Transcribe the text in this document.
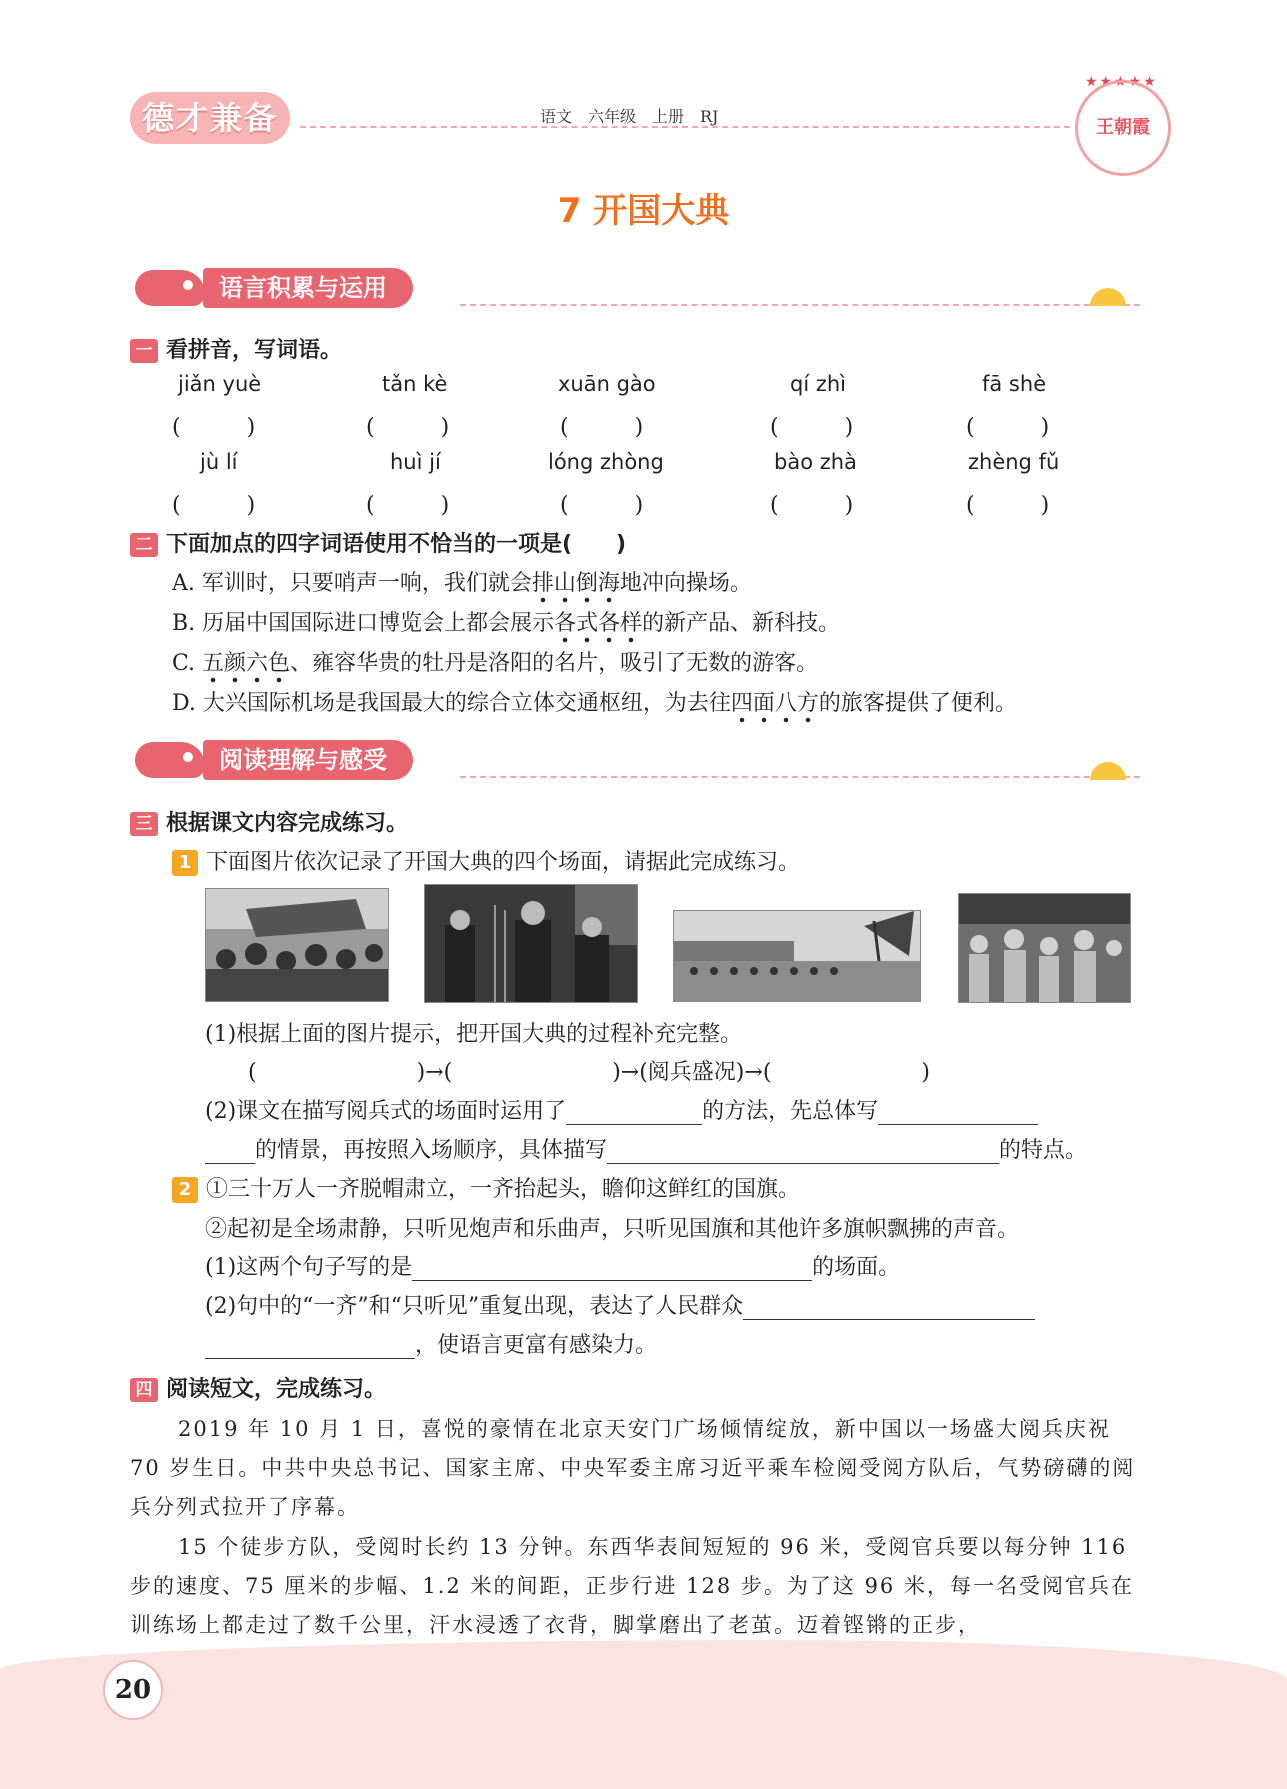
德才兼备	语文　六年级　上册　RJ
★★★★★
王朝霞
7 开国大典
语言积累与运用
一 看拼音，写词语。
jiǎn yuè	tǎn kè	xuān gào	qí zhì	fā shè
(　　　)	(　　　)	(　　　)	(　　　)	(　　　)
jù lí	huì jí	lóng zhòng	bào zhà	zhèng fǔ
(　　　)	(　　　)	(　　　)	(　　　)	(　　　)
二 下面加点的四字词语使用不恰当的一项是(　　)
A. 军训时，只要哨声一响，我们就会排山倒海地冲向操场。
B. 历届中国国际进口博览会上都会展示各式各样的新产品、新科技。
C. 五颜六色、雍容华贵的牡丹是洛阳的名片，吸引了无数的游客。
D. 大兴国际机场是我国最大的综合立体交通枢纽，为去往四面八方的旅客提供了便利。
阅读理解与感受
三 根据课文内容完成练习。
1 下面图片依次记录了开国大典的四个场面，请据此完成练习。
(1)根据上面的图片提示，把开国大典的过程补充完整。
(	)→(	)→(阅兵盛况)→(	)
(2)课文在描写阅兵式的场面时运用了	的方法，先总体写
的情景，再按照入场顺序，具体描写	的特点。
2 ①三十万人一齐脱帽肃立，一齐抬起头，瞻仰这鲜红的国旗。
②起初是全场肃静，只听见炮声和乐曲声，只听见国旗和其他许多旗帜飘拂的声音。
(1)这两个句子写的是	的场面。
(2)句中的“一齐”和“只听见”重复出现，表达了人民群众
，使语言更富有感染力。
四 阅读短文，完成练习。
2019 年 10 月 1 日，喜悦的豪情在北京天安门广场倾情绽放，新中国以一场盛大阅兵庆祝 70 岁生日。中共中央总书记、国家主席、中央军委主席习近平乘车检阅受阅方队后，气势磅礴的阅兵分列式拉开了序幕。
15 个徒步方队，受阅时长约 13 分钟。东西华表间短短的 96 米，受阅官兵要以每分钟 116 步的速度、75 厘米的步幅、1.2 米的间距，正步行进 128 步。为了这 96 米，每一名受阅官兵在训练场上都走过了数千公里，汗水浸透了衣背，脚掌磨出了老茧。迈着铿锵的正步，
20
